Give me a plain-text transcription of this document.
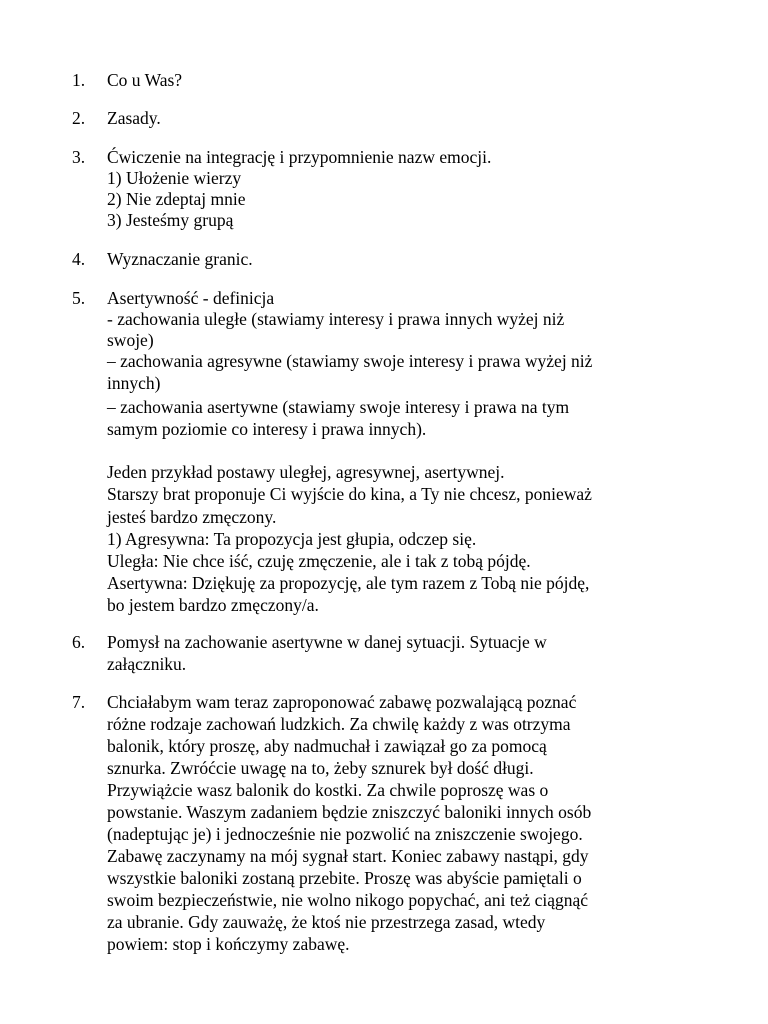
1. Co u Was?
2. Zasady.
3. Ćwiczenie na integrację i przypomnienie nazw emocji.
1) Ułożenie wierzy
2) Nie zdeptaj mnie
3) Jesteśmy grupą
4. Wyznaczanie granic.
5. Asertywność - definicja
- zachowania uległe (stawiamy interesy i prawa innych wyżej niż
swoje)
– zachowania agresywne (stawiamy swoje interesy i prawa wyżej niż
innych)
– zachowania asertywne (stawiamy swoje interesy i prawa na tym
samym poziomie co interesy i prawa innych).
Jeden przykład postawy uległej, agresywnej, asertywnej.
Starszy brat proponuje Ci wyjście do kina, a Ty nie chcesz, ponieważ
jesteś bardzo zmęczony.
1) Agresywna: Ta propozycja jest głupia, odczep się.
Uległa: Nie chce iść, czuję zmęczenie, ale i tak z tobą pójdę.
Asertywna: Dziękuję za propozycję, ale tym razem z Tobą nie pójdę,
bo jestem bardzo zmęczony/a.
6. Pomysł na zachowanie asertywne w danej sytuacji. Sytuacje w
załączniku.
7. Chciałabym wam teraz zaproponować zabawę pozwalającą poznać
różne rodzaje zachowań ludzkich. Za chwilę każdy z was otrzyma
balonik, który proszę, aby nadmuchał i zawiązał go za pomocą
sznurka. Zwróćcie uwagę na to, żeby sznurek był dość długi.
Przywiążcie wasz balonik do kostki. Za chwile poproszę was o
powstanie. Waszym zadaniem będzie zniszczyć baloniki innych osób
(nadeptując je) i jednocześnie nie pozwolić na zniszczenie swojego.
Zabawę zaczynamy na mój sygnał start. Koniec zabawy nastąpi, gdy
wszystkie baloniki zostaną przebite. Proszę was abyście pamiętali o
swoim bezpieczeństwie, nie wolno nikogo popychać, ani też ciągnąć
za ubranie. Gdy zauważę, że ktoś nie przestrzega zasad, wtedy
powiem: stop i kończymy zabawę.
